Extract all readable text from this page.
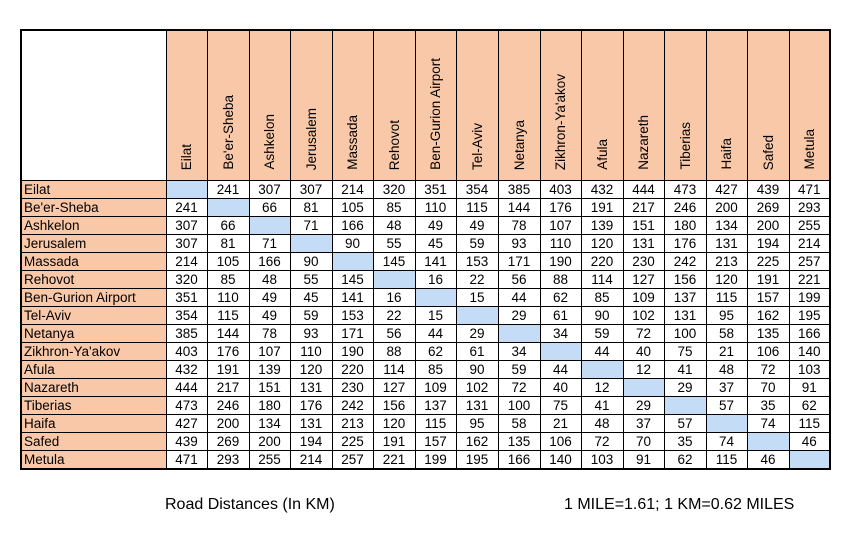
	Eilat	Be'er-Sheba	Ashkelon	Jerusalem	Massada	Rehovot	Ben-Gurion Airport	Tel-Aviv	Netanya	Zikhron-Ya'akov	Afula	Nazareth	Tiberias	Haifa	Safed	Metula
Eilat		241	307	307	214	320	351	354	385	403	432	444	473	427	439	471
Be'er-Sheba	241		66	81	105	85	110	115	144	176	191	217	246	200	269	293
Ashkelon	307	66		71	166	48	49	49	78	107	139	151	180	134	200	255
Jerusalem	307	81	71		90	55	45	59	93	110	120	131	176	131	194	214
Massada	214	105	166	90		145	141	153	171	190	220	230	242	213	225	257
Rehovot	320	85	48	55	145		16	22	56	88	114	127	156	120	191	221
Ben-Gurion Airport	351	110	49	45	141	16		15	44	62	85	109	137	115	157	199
Tel-Aviv	354	115	49	59	153	22	15		29	61	90	102	131	95	162	195
Netanya	385	144	78	93	171	56	44	29		34	59	72	100	58	135	166
Zikhron-Ya'akov	403	176	107	110	190	88	62	61	34		44	40	75	21	106	140
Afula	432	191	139	120	220	114	85	90	59	44		12	41	48	72	103
Nazareth	444	217	151	131	230	127	109	102	72	40	12		29	37	70	91
Tiberias	473	246	180	176	242	156	137	131	100	75	41	29		57	35	62
Haifa	427	200	134	131	213	120	115	95	58	21	48	37	57		74	115
Safed	439	269	200	194	225	191	157	162	135	106	72	70	35	74		46
Metula	471	293	255	214	257	221	199	195	166	140	103	91	62	115	46	
Road Distances (In KM)	1 MILE=1.61; 1 KM=0.62 MILES
